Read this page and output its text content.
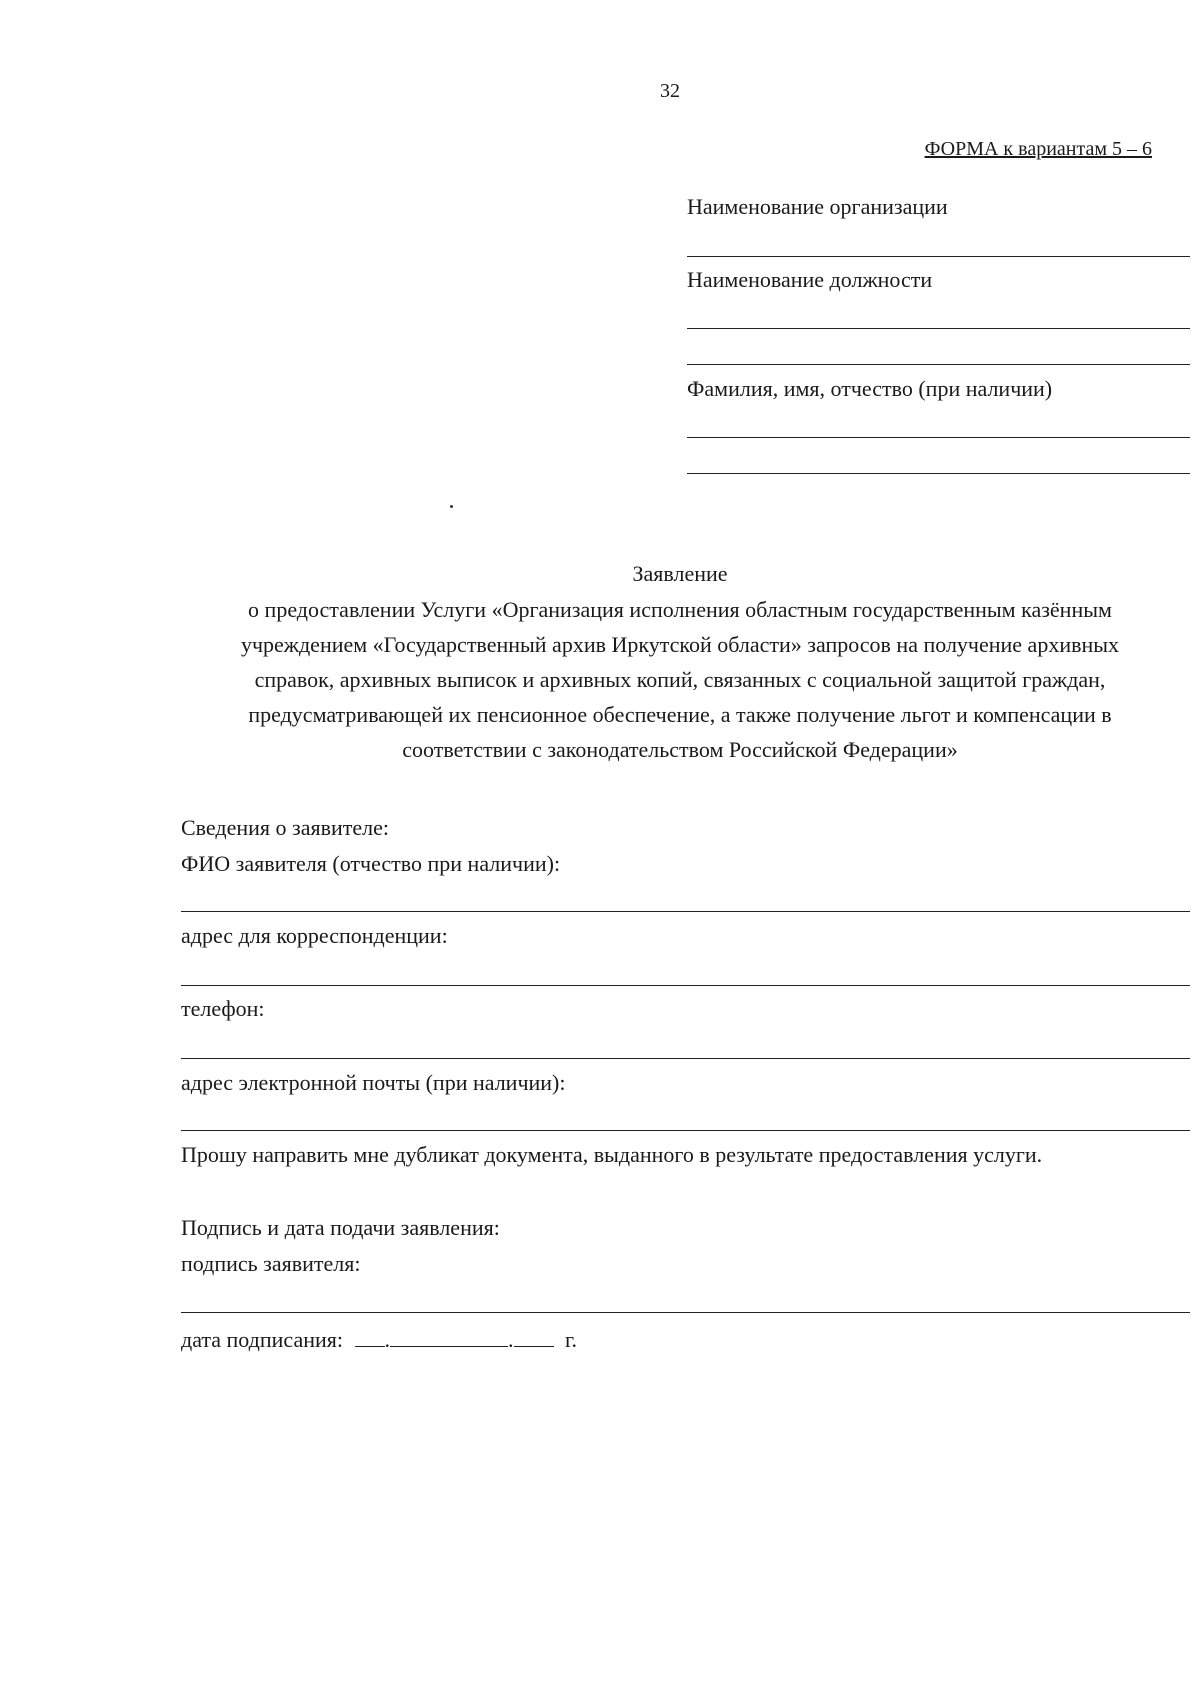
32
ФОРМА к вариантам 5 – 6
Наименование организации
Наименование должности
Фамилия, имя, отчество (при наличии)
Заявление
о предоставлении Услуги «Организация исполнения областным государственным казённым
учреждением «Государственный архив Иркутской области» запросов на получение архивных
справок, архивных выписок и архивных копий, связанных с социальной защитой граждан,
предусматривающей их пенсионное обеспечение, а также получение льгот и компенсации в
соответствии с законодательством Российской Федерации»
Сведения о заявителе:
ФИО заявителя (отчество при наличии):
адрес для корреспонденции:
телефон:
адрес электронной почты (при наличии):
Прошу направить мне дубликат документа, выданного в результате предоставления услуги.
Подпись и дата подачи заявления:
подпись заявителя:
дата подписания: .	. г.
